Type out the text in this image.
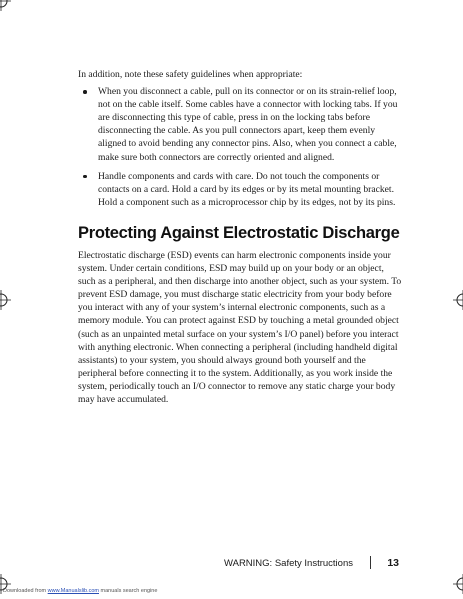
In addition, note these safety guidelines when appropriate:

When you disconnect a cable, pull on its connector or on its strain-relief loop, not on the cable itself. Some cables have a connector with locking tabs. If you are disconnecting this type of cable, press in on the locking tabs before disconnecting the cable. As you pull connectors apart, keep them evenly aligned to avoid bending any connector pins. Also, when you connect a cable, make sure both connectors are correctly oriented and aligned.
Handle components and cards with care. Do not touch the components or contacts on a card. Hold a card by its edges or by its metal mounting bracket. Hold a component such as a microprocessor chip by its edges, not by its pins.
Protecting Against Electrostatic Discharge

Electrostatic discharge (ESD) events can harm electronic components inside your system. Under certain conditions, ESD may build up on your body or an object, such as a peripheral, and then discharge into another object, such as your system. To prevent ESD damage, you must discharge static electricity from your body before you interact with any of your system’s internal electronic components, such as a memory module. You can protect against ESD by touching a metal grounded object (such as an unpainted metal surface on your system’s I/O panel) before you interact with anything electronic. When connecting a peripheral (including handheld digital assistants) to your system, you should always ground both yourself and the peripheral before connecting it to the system. Additionally, as you work inside the system, periodically touch an I/O connector to remove any static charge your body may have accumulated.

WARNING: Safety Instructions	13
Downloaded from www.Manualslib.com manuals search engine
